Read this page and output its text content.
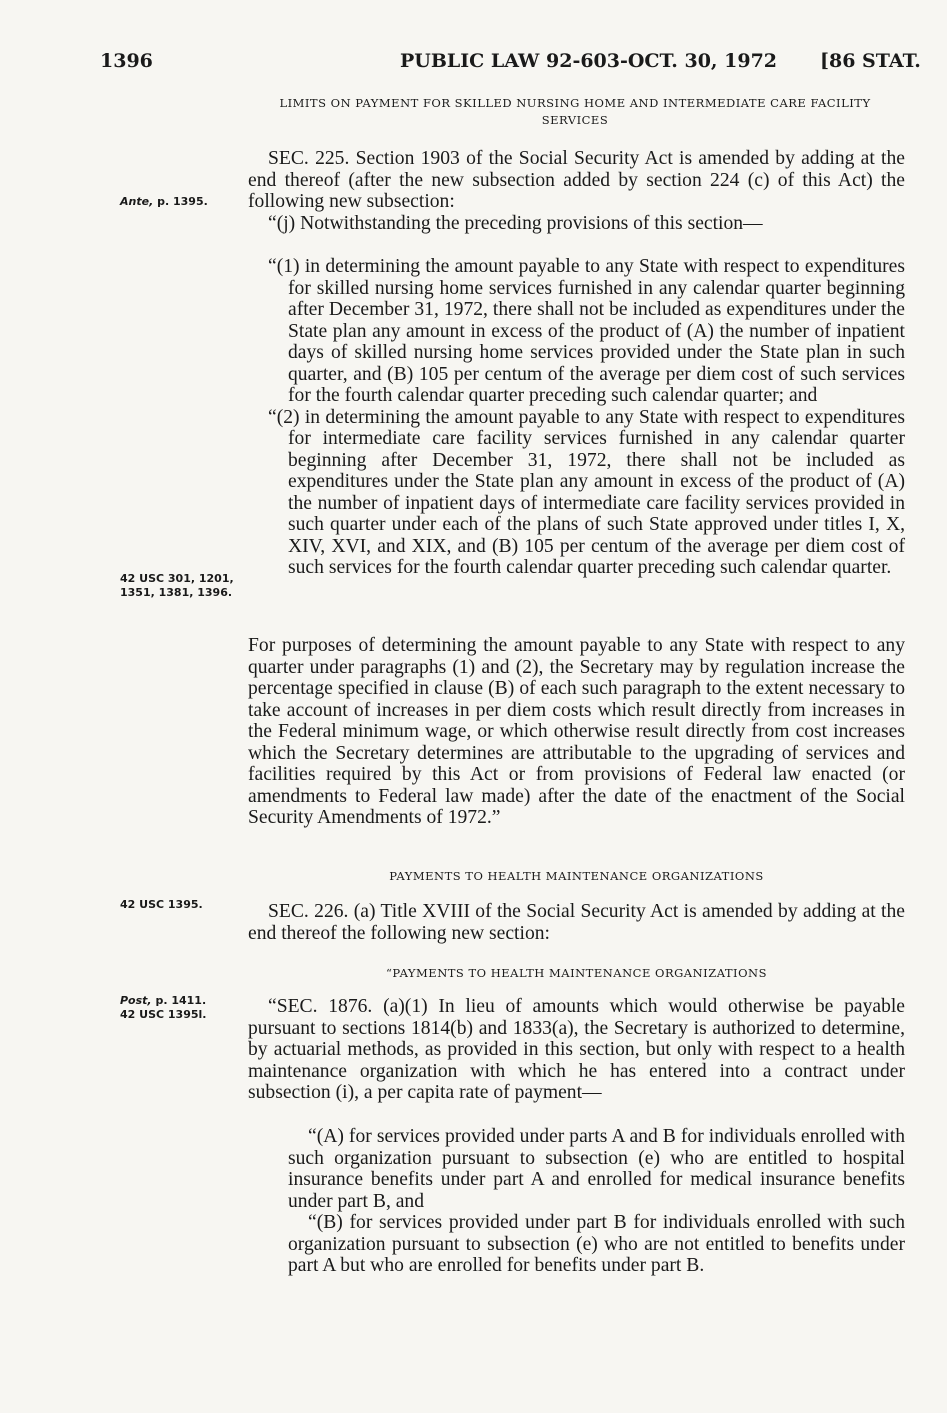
1396	PUBLIC LAW 92-603-OCT. 30, 1972 [86 STAT.
LIMITS ON PAYMENT FOR SKILLED NURSING HOME AND INTERMEDIATE CARE FACILITY SERVICES
Ante, p. 1395.
42 USC 301, 1201, 1351, 1381, 1396.
42 USC 1395.
Post, p. 1411.
42 USC 1395l.

SEC. 225. Section 1903 of the Social Security Act is amended by adding at the end thereof (after the new subsection added by section 224 (c) of this Act) the following new subsection:

“(j) Notwithstanding the preceding provisions of this section—

“(1) in determining the amount payable to any State with respect to expenditures for skilled nursing home services furnished in any calendar quarter beginning after December 31, 1972, there shall not be included as expenditures under the State plan any amount in excess of the product of (A) the number of inpatient days of skilled nursing home services provided under the State plan in such quarter, and (B) 105 per centum of the average per diem cost of such services for the fourth calendar quarter preceding such calendar quarter; and

“(2) in determining the amount payable to any State with respect to expenditures for intermediate care facility services furnished in any calendar quarter beginning after December 31, 1972, there shall not be included as expenditures under the State plan any amount in excess of the product of (A) the number of inpatient days of intermediate care facility services provided in such quarter under each of the plans of such State approved under titles I, X, XIV, XVI, and XIX, and (B) 105 per centum of the average per diem cost of such services for the fourth calendar quarter preceding such calendar quarter.

For purposes of determining the amount payable to any State with respect to any quarter under paragraphs (1) and (2), the Secretary may by regulation increase the percentage specified in clause (B) of each such paragraph to the extent necessary to take account of increases in per diem costs which result directly from increases in the Federal minimum wage, or which otherwise result directly from cost increases which the Secretary determines are attributable to the upgrading of services and facilities required by this Act or from provisions of Federal law enacted (or amendments to Federal law made) after the date of the enactment of the Social Security Amendments of 1972.”
PAYMENTS TO HEALTH MAINTENANCE ORGANIZATIONS

SEC. 226. (a) Title XVIII of the Social Security Act is amended by adding at the end thereof the following new section:

“PAYMENTS TO HEALTH MAINTENANCE ORGANIZATIONS

“SEC. 1876. (a)(1) In lieu of amounts which would otherwise be payable pursuant to sections 1814(b) and 1833(a), the Secretary is authorized to determine, by actuarial methods, as provided in this section, but only with respect to a health maintenance organization with which he has entered into a contract under subsection (i), a per capita rate of payment—

“(A) for services provided under parts A and B for individuals enrolled with such organization pursuant to subsection (e) who are entitled to hospital insurance benefits under part A and enrolled for medical insurance benefits under part B, and

“(B) for services provided under part B for individuals enrolled with such organization pursuant to subsection (e) who are not entitled to benefits under part A but who are enrolled for benefits under part B.
